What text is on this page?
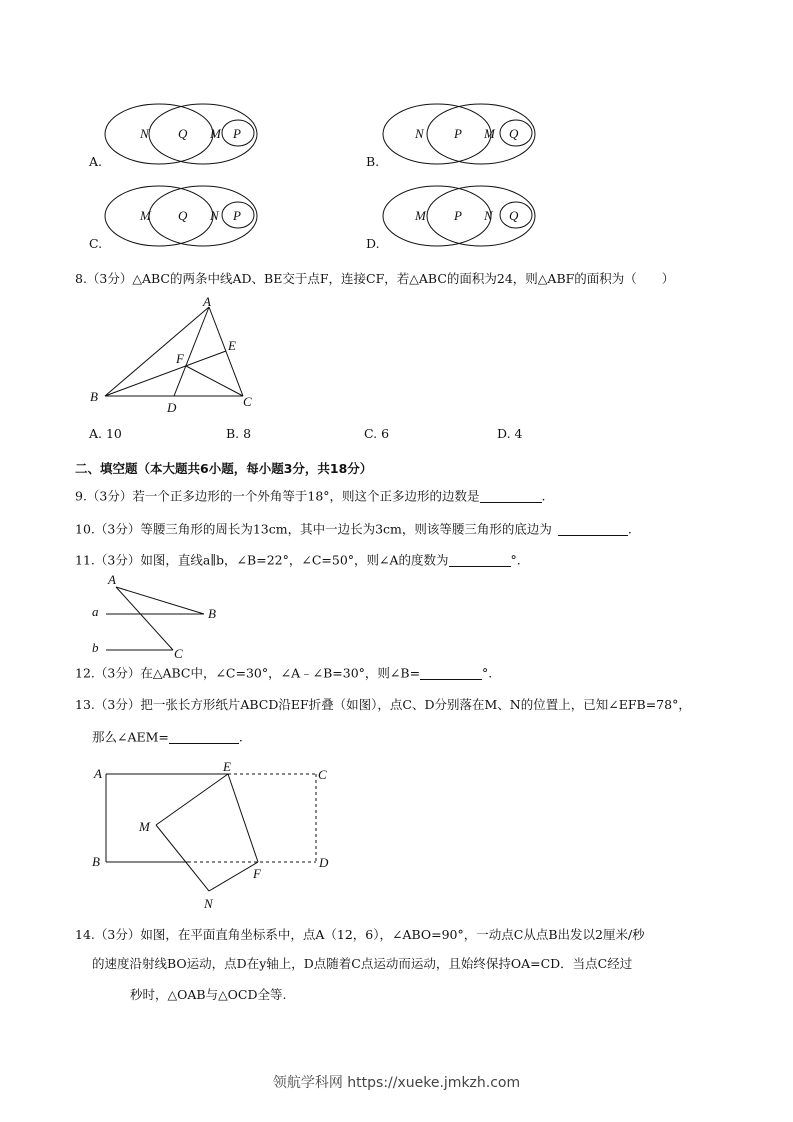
N Q M P
A.
N P M Q
B.
M Q N P
C.
M P N Q
D.
8.（3分）△ABC的两条中线AD、BE交于点F，连接CF，若△ABC的面积为24，则△ABF的面积为（　　）
A
B	C
D
E
F
A. 10	B. 8	C. 6	D. 4
二、填空题（本大题共6小题，每小题3分，共18分）
9.（3分）若一个正多边形的一个外角等于18°，则这个正多边形的边数是	.
10.（3分）等腰三角形的周长为13cm，其中一边长为3cm，则该等腰三角形的底边为	.
11.（3分）如图，直线a∥b，∠B=22°，∠C=50°，则∠A的度数为	°.
A
B
C
a
b
12.（3分）在△ABC中，∠C=30°，∠A﹣∠B=30°，则∠B=	°.
13.（3分）把一张长方形纸片ABCD沿EF折叠（如图），点C、D分别落在M、N的位置上，已知∠EFB=78°，
那么∠AEM=	.
A
B
C
D
E
F
M
N
14.（3分）如图，在平面直角坐标系中，点A（12，6），∠ABO=90°，一动点C从点B出发以2厘米/秒
的速度沿射线BO运动，点D在y轴上，D点随着C点运动而运动，且始终保持OA=CD．当点C经过
秒时，△OAB与△OCD全等.
领航学科网 https://xueke.jmkzh.com
